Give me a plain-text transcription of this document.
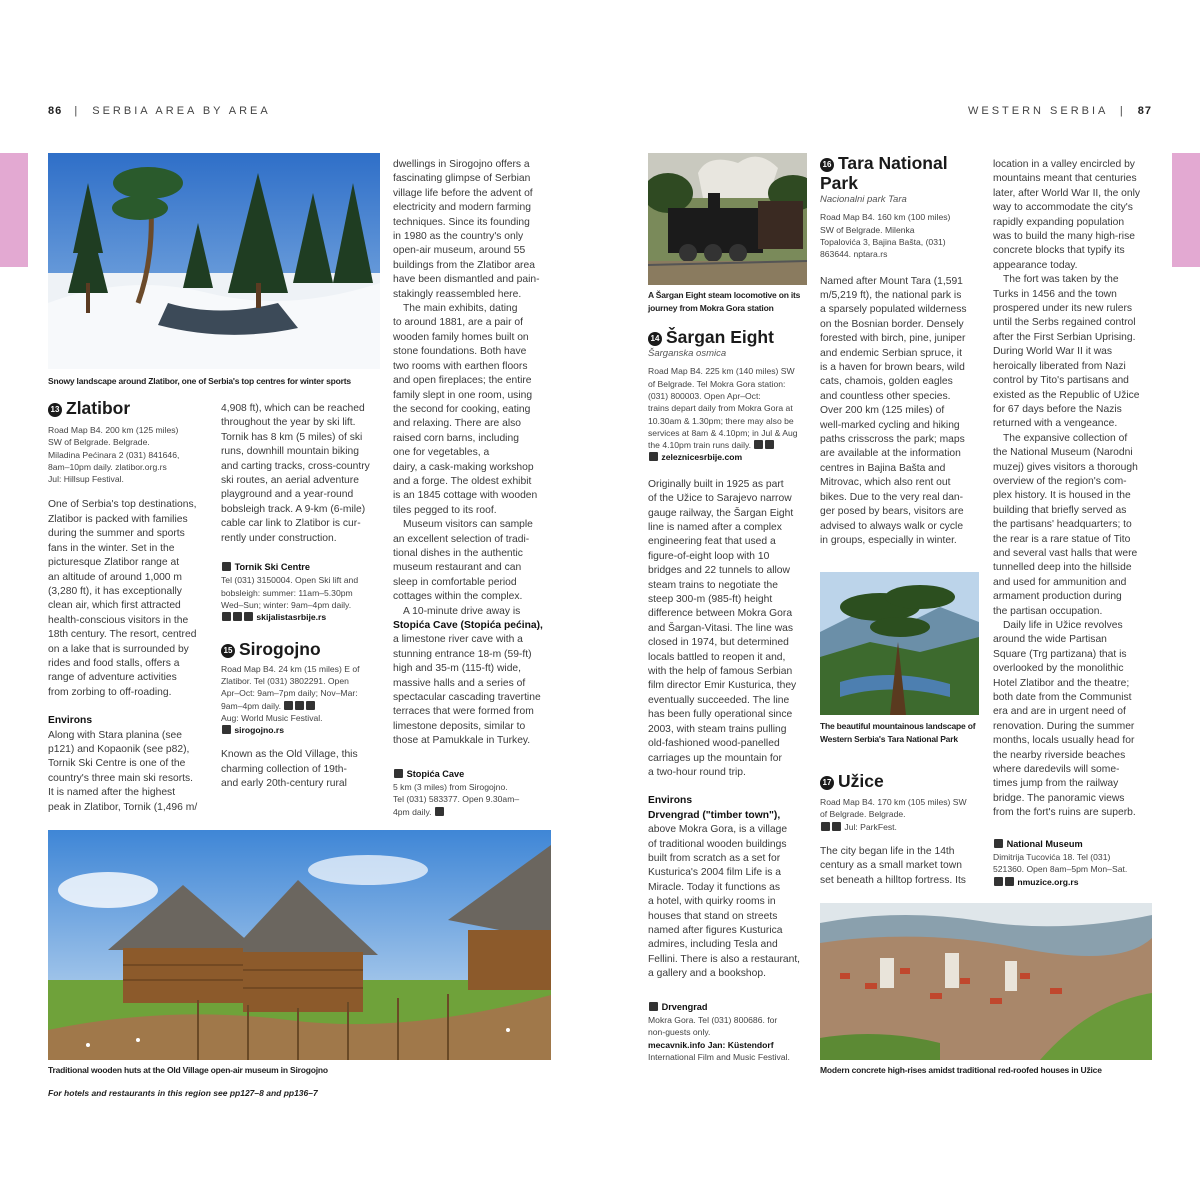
86 | SERBIA AREA BY AREA	WESTERN SERBIA | 87
Snowy landscape around Zlatibor, one of Serbia's top centres for winter sports
13 Zlatibor
Road Map B4. 200 km (125 miles)
SW of Belgrade. Belgrade.
Miladina Pećinara 2 (031) 841646,
8am–10pm daily. zlatibor.org.rs
Jul: Hillsup Festival.
One of Serbia's top destinations,
Zlatibor is packed with families
during the summer and sports
fans in the winter. Set in the
picturesque Zlatibor range at
an altitude of around 1,000 m
(3,280 ft), it has exceptionally
clean air, which first attracted
health-conscious visitors in the
18th century. The resort, centred
on a lake that is surrounded by
rides and food stalls, offers a
range of adventure activities
from zorbing to off-roading.
Environs
Along with Stara planina (see
p121) and Kopaonik (see p82),
Tornik Ski Centre is one of the
country's three main ski resorts.
It is named after the highest
peak in Zlatibor, Tornik (1,496 m/
4,908 ft), which can be reached
throughout the year by ski lift.
Tornik has 8 km (5 miles) of ski
runs, downhill mountain biking
and carting tracks, cross-country
ski routes, an aerial adventure
playground and a year-round
bobsleigh track. A 9-km (6-mile)
cable car link to Zlatibor is cur-
rently under construction.
Tornik Ski Centre
Tel (031) 3150004. Open Ski lift and
bobsleigh: summer: 11am–5.30pm
Wed–Sun; winter: 9am–4pm daily.
skijalistasrbije.rs
15 Sirogojno
Road Map B4. 24 km (15 miles) E of
Zlatibor. Tel (031) 3802291. Open
Apr–Oct: 9am–7pm daily; Nov–Mar:
9am–4pm daily.
Aug: World Music Festival.
sirogojno.rs
Known as the Old Village, this
charming collection of 19th-
and early 20th-century rural
dwellings in Sirogojno offers a
fascinating glimpse of Serbian
village life before the advent of
electricity and modern farming
techniques. Since its founding
in 1980 as the country's only
open-air museum, around 55
buildings from the Zlatibor area
have been dismantled and pain-
stakingly reassembled here.
The main exhibits, dating
to around 1881, are a pair of
wooden family homes built on
stone foundations. Both have
two rooms with earthen floors
and open fireplaces; the entire
family slept in one room, using
the second for cooking, eating
and relaxing. There are also
raised corn barns, including
one for vegetables, a
dairy, a cask-making workshop
and a forge. The oldest exhibit
is an 1845 cottage with wooden
tiles pegged to its roof.
Museum visitors can sample
an excellent selection of tradi-
tional dishes in the authentic
museum restaurant and can
sleep in comfortable period
cottages within the complex.
A 10-minute drive away is
Stopića Cave (Stopića pećina),
a limestone river cave with a
stunning entrance 18-m (59-ft)
high and 35-m (115-ft) wide,
massive halls and a series of
spectacular cascading travertine
terraces that were formed from
limestone deposits, similar to
those at Pamukkale in Turkey.
Stopića Cave
5 km (3 miles) from Sirogojno.
Tel (031) 583377. Open 9.30am–
4pm daily.
Traditional wooden huts at the Old Village open-air museum in Sirogojno
For hotels and restaurants in this region see pp127–8 and pp136–7
A Šargan Eight steam locomotive on its journey from Mokra Gora station
14 Šargan Eight
Šarganska osmica
Road Map B4. 225 km (140 miles) SW
of Belgrade. Tel Mokra Gora station:
(031) 800003. Open Apr–Oct:
trains depart daily from Mokra Gora at
10.30am & 1.30pm; there may also be
services at 8am & 4.10pm; in Jul & Aug
the 4.10pm train runs daily.
zeleznicesrbije.com
Originally built in 1925 as part
of the Užice to Sarajevo narrow
gauge railway, the Šargan Eight
line is named after a complex
engineering feat that used a
figure-of-eight loop with 10
bridges and 22 tunnels to allow
steam trains to negotiate the
steep 300-m (985-ft) height
difference between Mokra Gora
and Šargan-Vitasi. The line was
closed in 1974, but determined
locals battled to reopen it and,
with the help of famous Serbian
film director Emir Kusturica, they
eventually succeeded. The line
has been fully operational since
2003, with steam trains pulling
old-fashioned wood-panelled
carriages up the mountain for
a two-hour round trip.
Environs
Drvengrad ("timber town"),
above Mokra Gora, is a village
of traditional wooden buildings
built from scratch as a set for
Kusturica's 2004 film Life is a
Miracle. Today it functions as
a hotel, with quirky rooms in
houses that stand on streets
named after figures Kusturica
admires, including Tesla and
Fellini. There is also a restaurant,
a gallery and a bookshop.
Drvengrad
Mokra Gora. Tel (031) 800686. for
non-guests only.
mecavnik.info Jan: Küstendorf
International Film and Music Festival.
16 Tara National
Park
Nacionalni park Tara
Road Map B4. 160 km (100 miles)
SW of Belgrade. Milenka
Topalovića 3, Bajina Bašta, (031)
863644. nptara.rs
Named after Mount Tara (1,591
m/5,219 ft), the national park is
a sparsely populated wilderness
on the Bosnian border. Densely
forested with birch, pine, juniper
and endemic Serbian spruce, it
is a haven for brown bears, wild
cats, chamois, golden eagles
and countless other species.
Over 200 km (125 miles) of
well-marked cycling and hiking
paths crisscross the park; maps
are available at the information
centres in Bajina Bašta and
Mitrovac, which also rent out
bikes. Due to the very real dan-
ger posed by bears, visitors are
advised to always walk or cycle
in groups, especially in winter.
The beautiful mountainous landscape of
Western Serbia's Tara National Park
17 Užice
Road Map B4. 170 km (105 miles) SW
of Belgrade. Belgrade.
Jul: ParkFest.
The city began life in the 14th
century as a small market town
set beneath a hilltop fortress. Its
location in a valley encircled by
mountains meant that centuries
later, after World War II, the only
way to accommodate the city's
rapidly expanding population
was to build the many high-rise
concrete blocks that typify its
appearance today.
The fort was taken by the
Turks in 1456 and the town
prospered under its new rulers
until the Serbs regained control
after the First Serbian Uprising.
During World War II it was
heroically liberated from Nazi
control by Tito's partisans and
existed as the Republic of Užice
for 67 days before the Nazis
returned with a vengeance.
The expansive collection of
the National Museum (Narodni
muzej) gives visitors a thorough
overview of the region's com-
plex history. It is housed in the
building that briefly served as
the partisans' headquarters; to
the rear is a rare statue of Tito
and several vast halls that were
tunnelled deep into the hillside
and used for ammunition and
armament production during
the partisan occupation.
Daily life in Užice revolves
around the wide Partisan
Square (Trg partizana) that is
overlooked by the monolithic
Hotel Zlatibor and the theatre;
both date from the Communist
era and are in urgent need of
renovation. During the summer
months, locals usually head for
the nearby riverside beaches
where daredevils will some-
times jump from the railway
bridge. The panoramic views
from the fort's ruins are superb.
National Museum
Dimitrija Tucovića 18. Tel (031)
521360. Open 8am–5pm Mon–Sat.
nmuzice.org.rs
Modern concrete high-rises amidst traditional red-roofed houses in Užice
